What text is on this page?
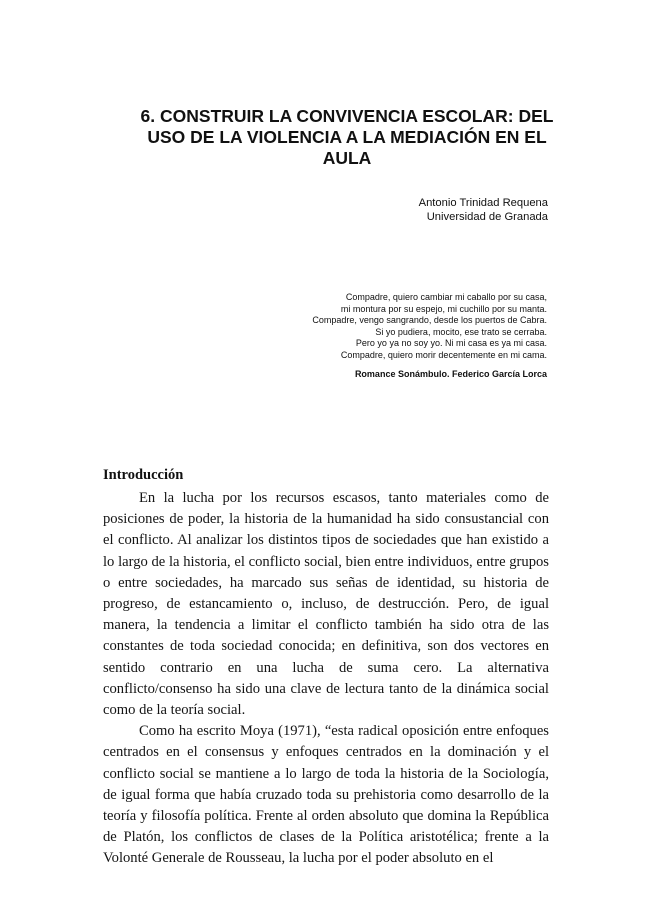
6. CONSTRUIR LA CONVIVENCIA ESCOLAR: DEL
USO DE LA VIOLENCIA A LA MEDIACIÓN EN EL
AULA
Antonio Trinidad Requena
Universidad de Granada
Compadre, quiero cambiar mi caballo por su casa,
mi montura por su espejo, mi cuchillo por su manta.
Compadre, vengo sangrando, desde los puertos de Cabra.
Si yo pudiera, mocito, ese trato se cerraba.
Pero yo ya no soy yo. Ni mi casa es ya mi casa.
Compadre, quiero morir decentemente en mi cama.
Romance Sonámbulo. Federico García Lorca
Introducción

En la lucha por los recursos escasos, tanto materiales como de posiciones de poder, la historia de la humanidad ha sido consustancial con el conflicto. Al analizar los distintos tipos de sociedades que han existido a lo largo de la historia, el conflicto social, bien entre individuos, entre grupos o entre sociedades, ha marcado sus señas de identidad, su historia de progreso, de estancamiento o, incluso, de destrucción. Pero, de igual manera, la tendencia a limitar el conflicto también ha sido otra de las constantes de toda sociedad conocida; en definitiva, son dos vectores en sentido contrario en una lucha de suma cero. La alternativa conflicto/consenso ha sido una clave de lectura tanto de la dinámica social como de la teoría social.

Como ha escrito Moya (1971), “esta radical oposición entre enfoques centrados en el consensus y enfoques centrados en la dominación y el conflicto social se mantiene a lo largo de toda la historia de la Sociología, de igual forma que había cruzado toda su prehistoria como desarrollo de la teoría y filosofía política. Frente al orden absoluto que domina la República de Platón, los conflictos de clases de la Política aristotélica; frente a la Volonté Generale de Rousseau, la lucha por el poder absoluto en el
